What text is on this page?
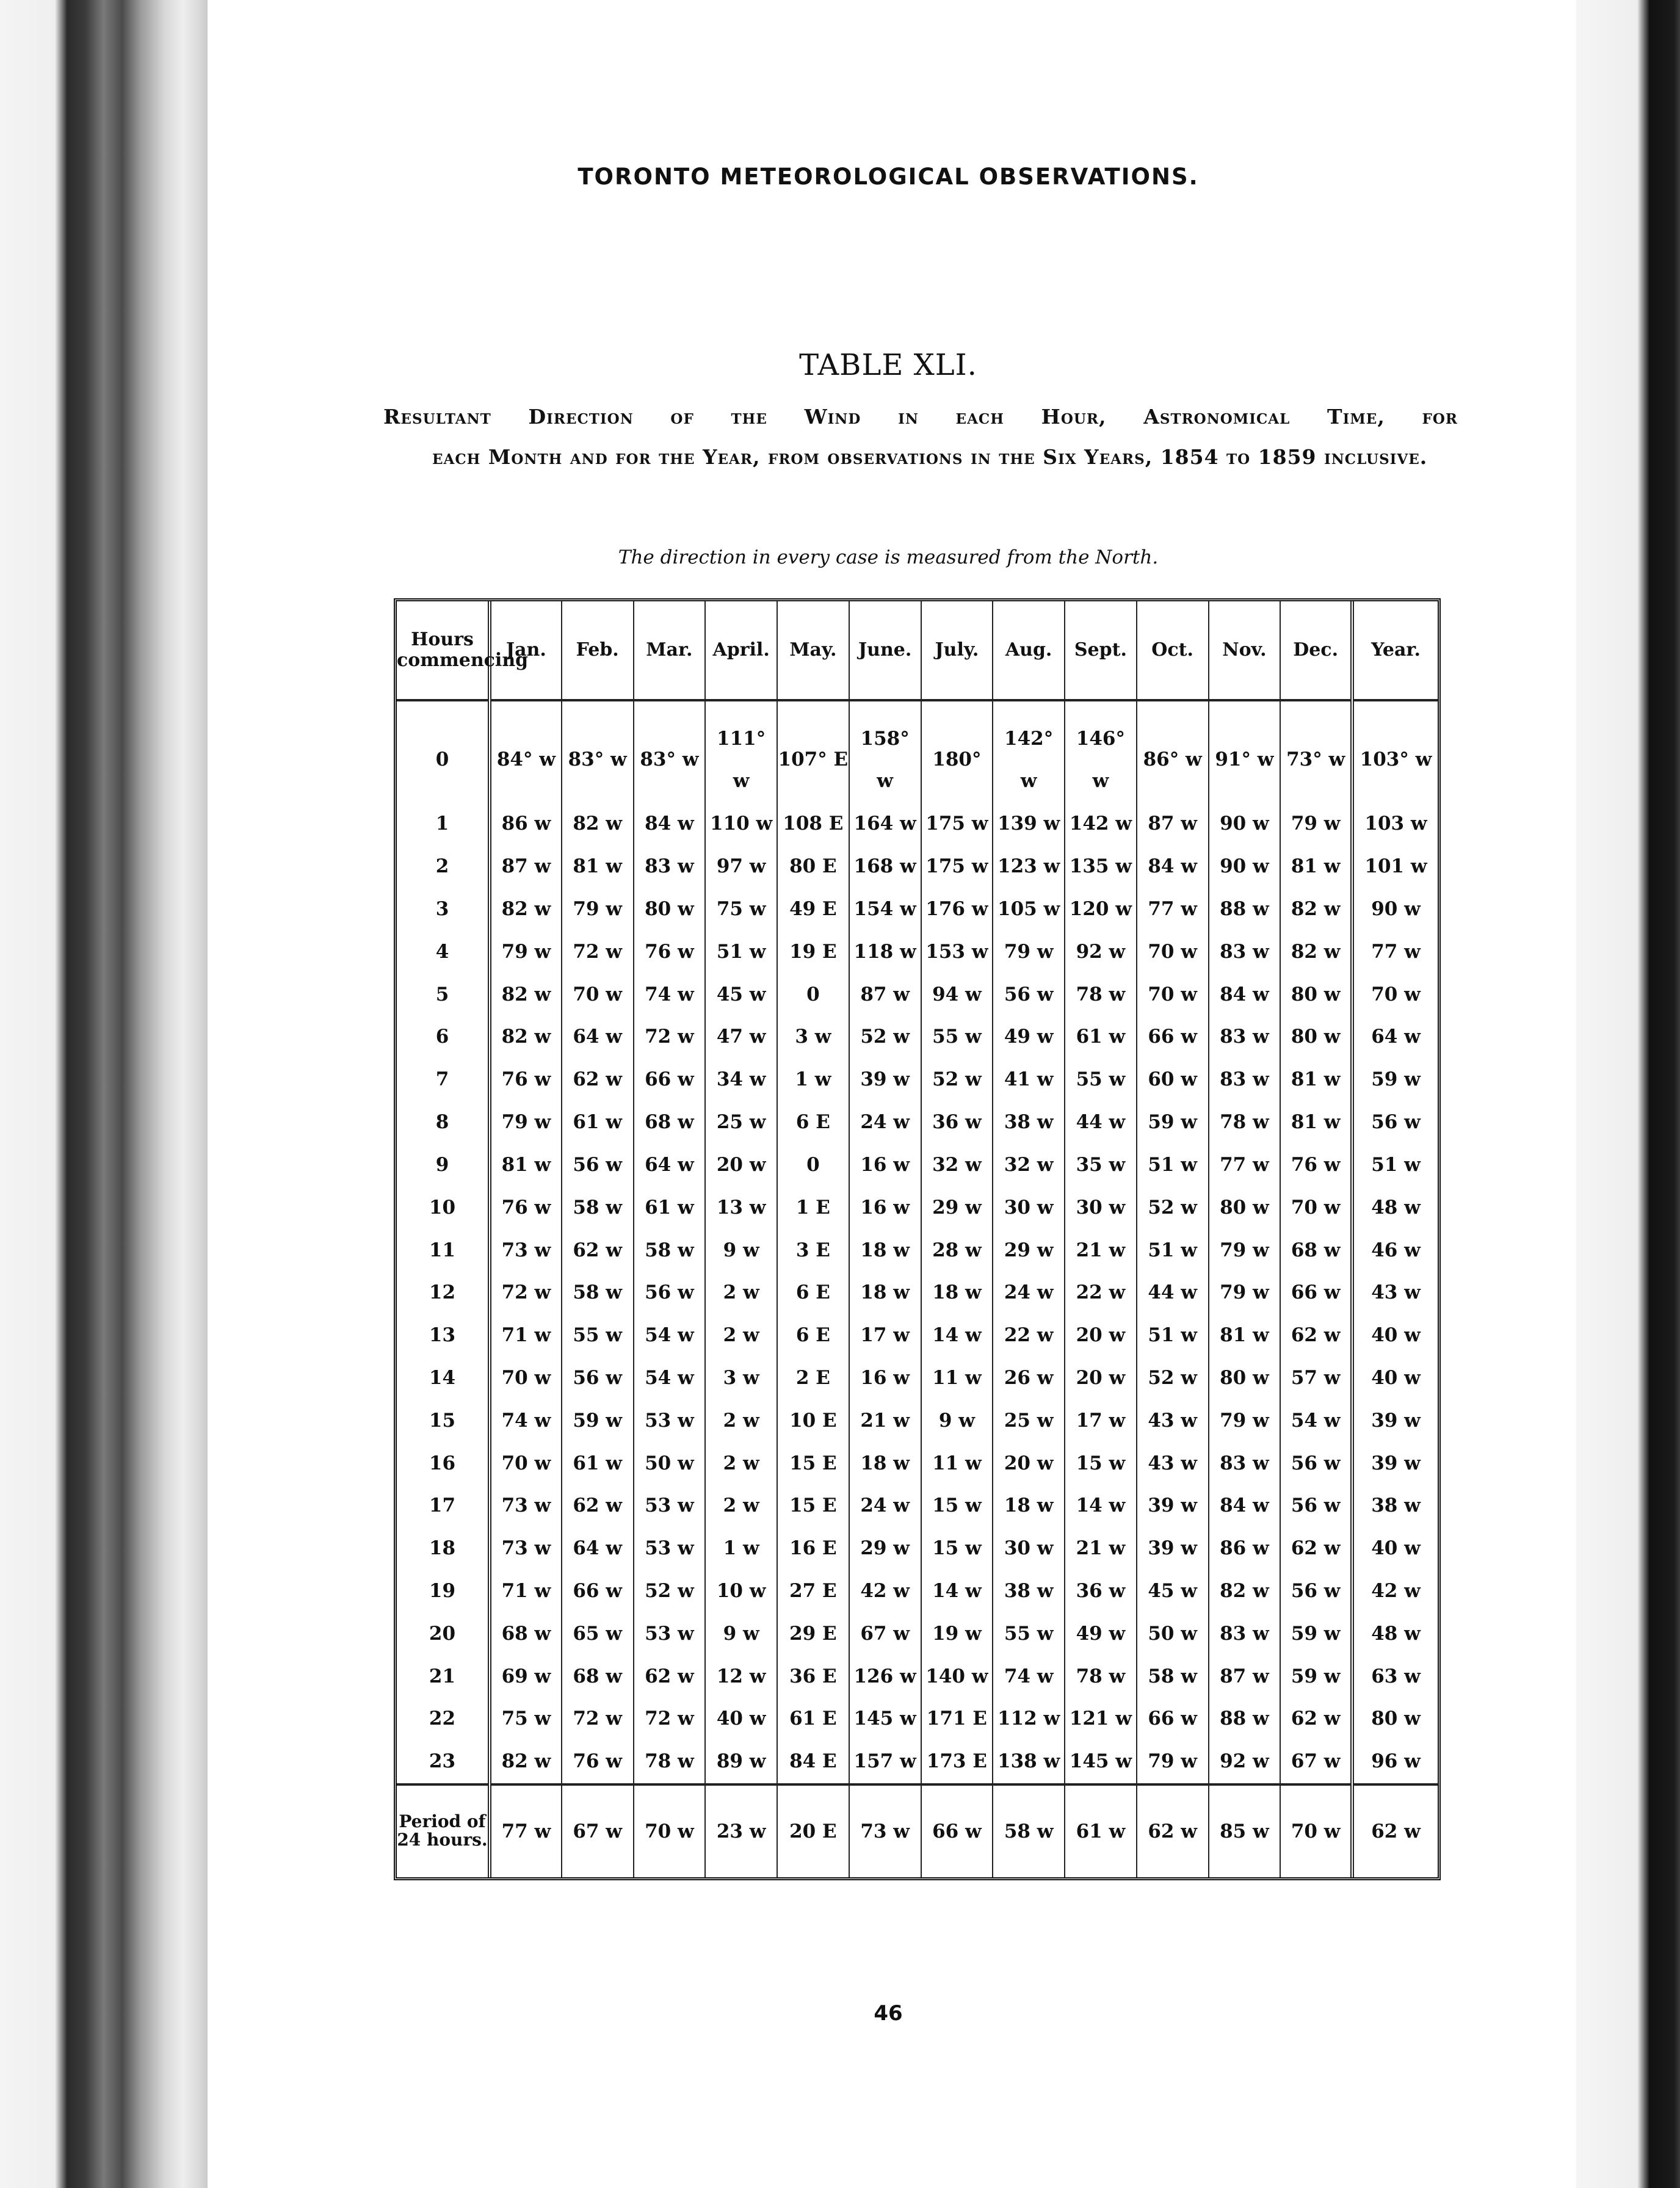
TORONTO METEOROLOGICAL OBSERVATIONS.
TABLE XLI.
Resultant Direction of the Wind in each Hour, Astronomical Time, for
each Month and for the Year, from observations in the Six Years, 1854 to 1859 inclusive.
The direction in every case is measured from the North.
Hours commencing	Jan.	Feb.	Mar.	April.	May.	June.	July.	Aug.	Sept.	Oct.	Nov.	Dec.	Year.
0	84° w	83° w	83° w	111° w	107° E	158° w	180°	142° w	146° w	86° w	91° w	73° w	103° w
1	86 w	82 w	84 w	110 w	108 E	164 w	175 w	139 w	142 w	87 w	90 w	79 w	103 w
2	87 w	81 w	83 w	97 w	80 E	168 w	175 w	123 w	135 w	84 w	90 w	81 w	101 w
3	82 w	79 w	80 w	75 w	49 E	154 w	176 w	105 w	120 w	77 w	88 w	82 w	90 w
4	79 w	72 w	76 w	51 w	19 E	118 w	153 w	79 w	92 w	70 w	83 w	82 w	77 w
5	82 w	70 w	74 w	45 w	0	87 w	94 w	56 w	78 w	70 w	84 w	80 w	70 w
6	82 w	64 w	72 w	47 w	3 w	52 w	55 w	49 w	61 w	66 w	83 w	80 w	64 w
7	76 w	62 w	66 w	34 w	1 w	39 w	52 w	41 w	55 w	60 w	83 w	81 w	59 w
8	79 w	61 w	68 w	25 w	6 E	24 w	36 w	38 w	44 w	59 w	78 w	81 w	56 w
9	81 w	56 w	64 w	20 w	0	16 w	32 w	32 w	35 w	51 w	77 w	76 w	51 w
10	76 w	58 w	61 w	13 w	1 E	16 w	29 w	30 w	30 w	52 w	80 w	70 w	48 w
11	73 w	62 w	58 w	9 w	3 E	18 w	28 w	29 w	21 w	51 w	79 w	68 w	46 w
12	72 w	58 w	56 w	2 w	6 E	18 w	18 w	24 w	22 w	44 w	79 w	66 w	43 w
13	71 w	55 w	54 w	2 w	6 E	17 w	14 w	22 w	20 w	51 w	81 w	62 w	40 w
14	70 w	56 w	54 w	3 w	2 E	16 w	11 w	26 w	20 w	52 w	80 w	57 w	40 w
15	74 w	59 w	53 w	2 w	10 E	21 w	9 w	25 w	17 w	43 w	79 w	54 w	39 w
16	70 w	61 w	50 w	2 w	15 E	18 w	11 w	20 w	15 w	43 w	83 w	56 w	39 w
17	73 w	62 w	53 w	2 w	15 E	24 w	15 w	18 w	14 w	39 w	84 w	56 w	38 w
18	73 w	64 w	53 w	1 w	16 E	29 w	15 w	30 w	21 w	39 w	86 w	62 w	40 w
19	71 w	66 w	52 w	10 w	27 E	42 w	14 w	38 w	36 w	45 w	82 w	56 w	42 w
20	68 w	65 w	53 w	9 w	29 E	67 w	19 w	55 w	49 w	50 w	83 w	59 w	48 w
21	69 w	68 w	62 w	12 w	36 E	126 w	140 w	74 w	78 w	58 w	87 w	59 w	63 w
22	75 w	72 w	72 w	40 w	61 E	145 w	171 E	112 w	121 w	66 w	88 w	62 w	80 w
23	82 w	76 w	78 w	89 w	84 E	157 w	173 E	138 w	145 w	79 w	92 w	67 w	96 w
Period of 24 hours.	77 w	67 w	70 w	23 w	20 E	73 w	66 w	58 w	61 w	62 w	85 w	70 w	62 w
46
